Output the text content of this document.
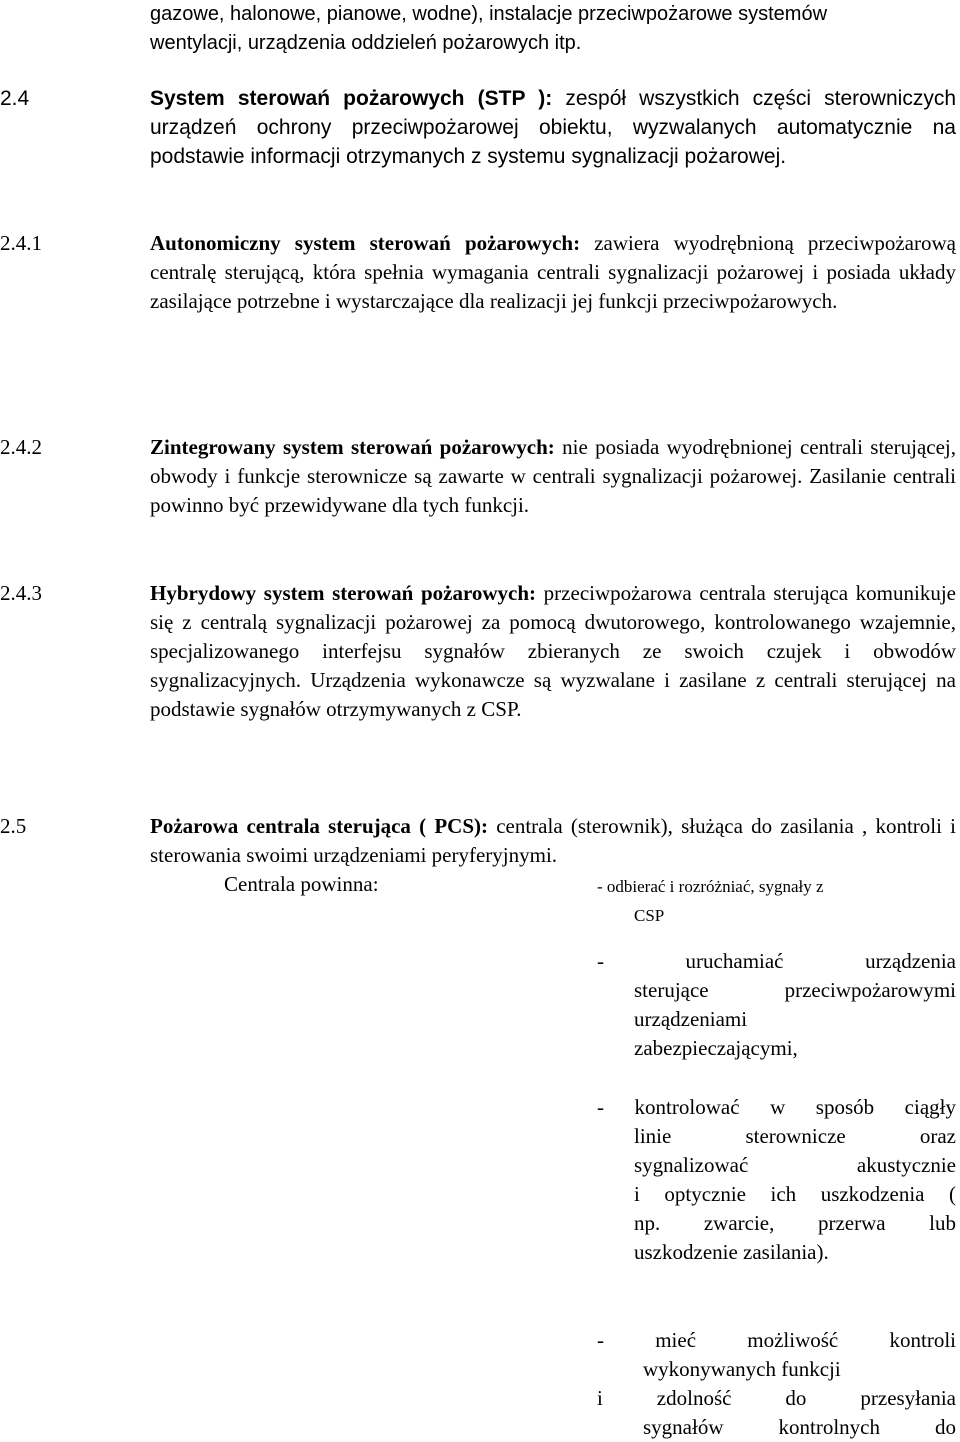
gazowe, halonowe, pianowe, wodne), instalacje przeciwpożarowe systemów
wentylacji, urządzenia oddzieleń pożarowych itp.
2.4	System sterowań pożarowych (STP ): zespół wszystkich części sterowniczych urządzeń ochrony przeciwpożarowej obiektu, wyzwalanych automatycznie na podstawie informacji otrzymanych z systemu sygnalizacji pożarowej.
2.4.1	Autonomiczny system sterowań pożarowych: zawiera wyodrębnioną przeciwpożarową centralę sterującą, która spełnia wymagania centrali sygnalizacji pożarowej i posiada układy zasilające potrzebne i wystarczające dla realizacji jej funkcji przeciwpożarowych.
2.4.2	Zintegrowany system sterowań pożarowych: nie posiada wyodrębnionej centrali sterującej, obwody i funkcje sterownicze są zawarte w centrali sygnalizacji pożarowej. Zasilanie centrali powinno być przewidywane dla tych funkcji.
2.4.3	Hybrydowy system sterowań pożarowych: przeciwpożarowa centrala sterująca komunikuje się z centralą sygnalizacji pożarowej za pomocą dwutorowego, kontrolowanego wzajemnie, specjalizowanego interfejsu sygnałów zbieranych ze swoich czujek i obwodów sygnalizacyjnych. Urządzenia wykonawcze są wyzwalane i zasilane z centrali sterującej na podstawie sygnałów otrzymywanych z CSP.
2.5	Pożarowa centrala sterująca ( PCS): centrala (sterownik), służąca do zasilania , kontroli i sterowania swoimi urządzeniami peryferyjnymi.
Centrala powinna:	- odbierać i rozróżniać, sygnały z
CSP
- uruchamiać urządzenia
sterujące przeciwpożarowymi
urządzeniami
zabezpieczającymi,
- kontrolować w sposób ciągły
linie sterownicze oraz
sygnalizować akustycznie
i optycznie ich uszkodzenia (
np. zwarcie, przerwa lub
uszkodzenie zasilania).
- mieć możliwość kontroli
wykonywanych funkcji
i zdolność do przesyłania
sygnałów kontrolnych do
